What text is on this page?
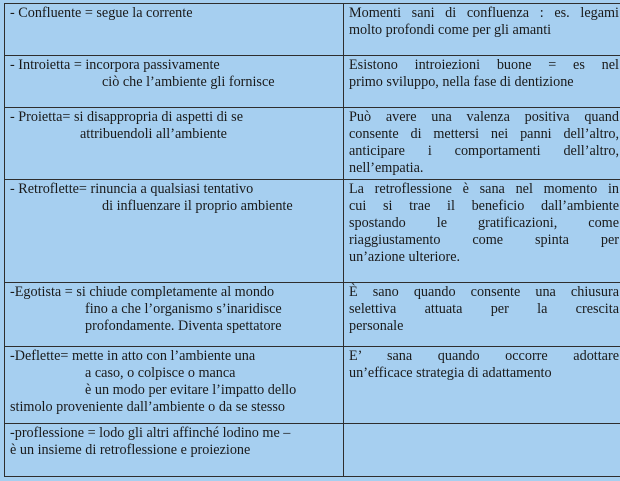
- Confluente = segue la corrente	Momenti sani di confluenza : es. legami
molto profondi come per gli amanti

- Introietta = incorpora passivamente
ciò che l’ambiente gli fornisce	Esistono introiezioni buone = es nel
primo sviluppo, nella fase di dentizione

- Proietta= si disappropria di aspetti di se
attribuendoli all’ambiente	Può avere una valenza positiva quand
consente di mettersi nei panni dell’altro,
anticipare i comportamenti dell’altro,
nell’empatia.

- Retroflette= rinuncia a qualsiasi tentativo
di influenzare il proprio ambiente	La retroflessione è sana nel momento in
cui si trae il beneficio dall’ambiente
spostando le gratificazioni, come
riaggiustamento come spinta per
un’azione ulteriore.

-Egotista = si chiude completamente al mondo
fino a che l’organismo s’inaridisce
profondamente. Diventa spettatore	È sano quando consente una chiusura
selettiva attuata per la crescita
personale

-Deflette= mette in atto con l’ambiente una
a caso, o colpisce o manca
è un modo per evitare l’impatto dello
stimolo proveniente dall’ambiente o da se stesso	E’ sana quando occorre adottare
un’efficace strategia di adattamento

-proflessione = lodo gli altri affinché lodino me –
è un insieme di retroflessione e proiezione	
